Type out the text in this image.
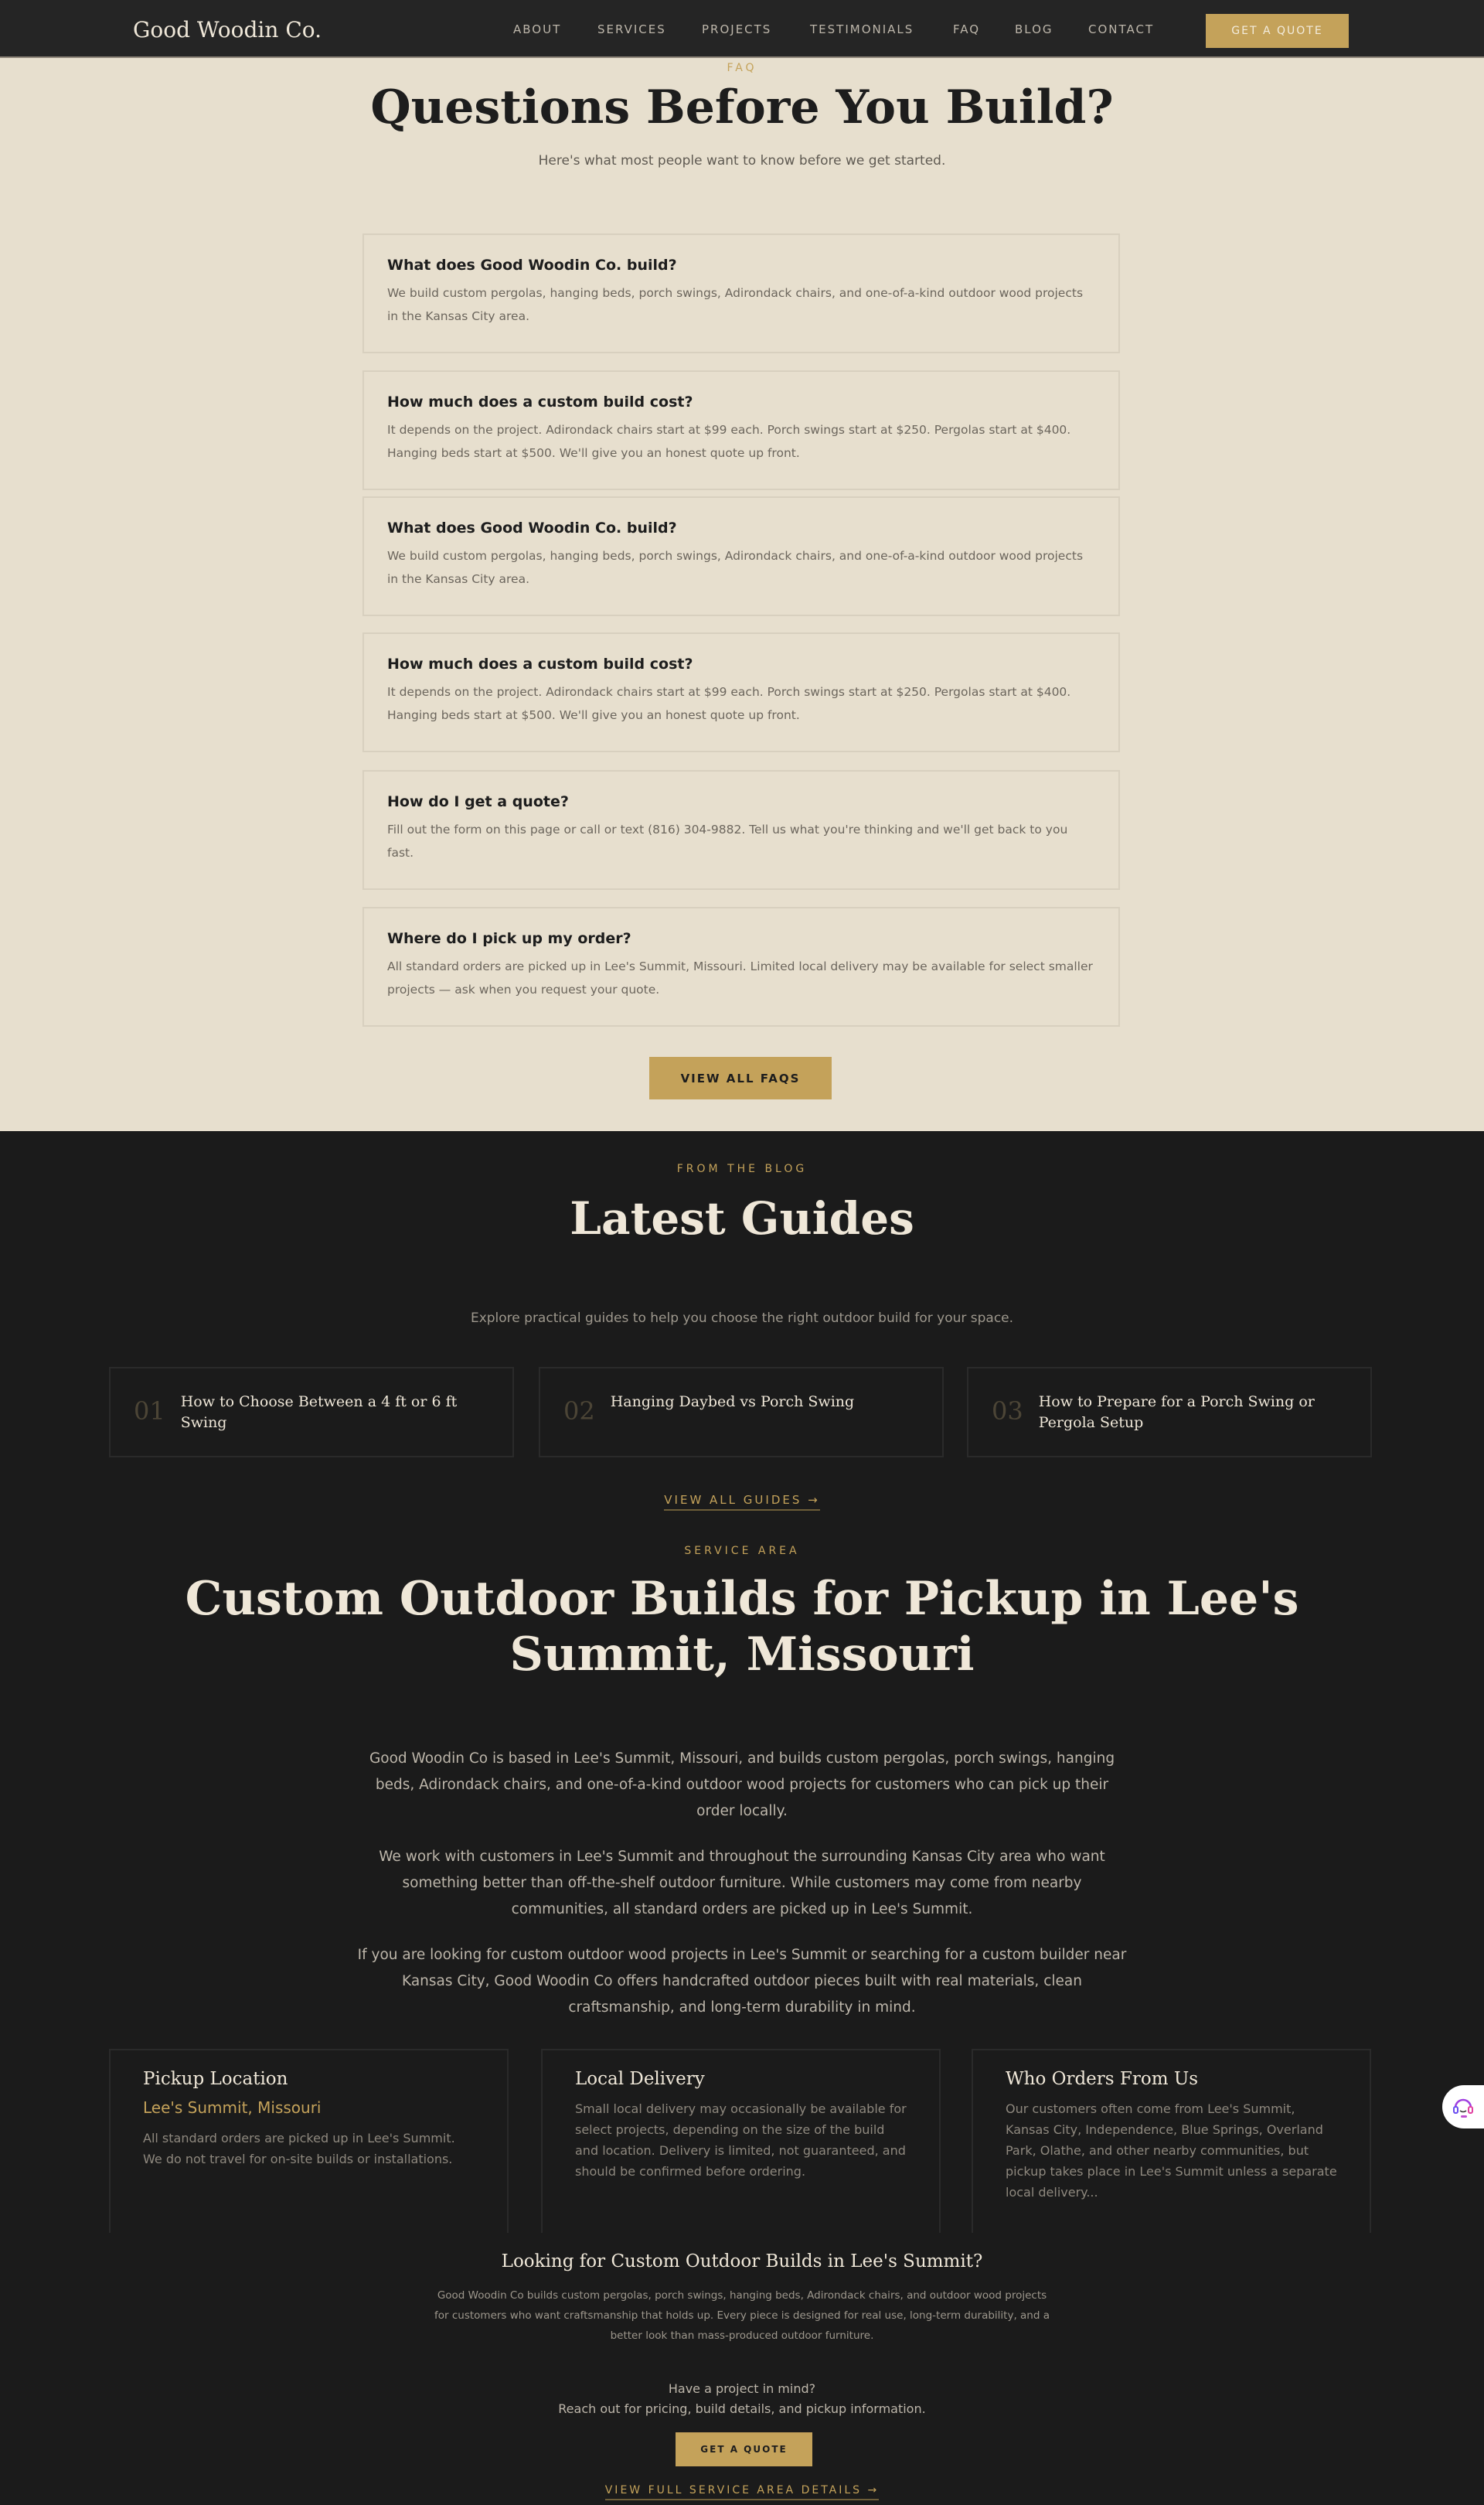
FAQ
Questions Before You Build?
Here's what most people want to know before we get started.
What does Good Woodin Co. build?

We build custom pergolas, hanging beds, porch swings, Adirondack chairs, and one-of-a-kind outdoor wood projects in the Kansas City area.

How much does a custom build cost?

It depends on the project. Adirondack chairs start at $99 each. Porch swings start at $250. Pergolas start at $400. Hanging beds start at $500. We'll give you an honest quote up front.

What does Good Woodin Co. build?

We build custom pergolas, hanging beds, porch swings, Adirondack chairs, and one-of-a-kind outdoor wood projects in the Kansas City area.

How much does a custom build cost?

It depends on the project. Adirondack chairs start at $99 each. Porch swings start at $250. Pergolas start at $400. Hanging beds start at $500. We'll give you an honest quote up front.

How do I get a quote?

Fill out the form on this page or call or text (816) 304-9882. Tell us what you're thinking and we'll get back to you fast.

Where do I pick up my order?

All standard orders are picked up in Lee's Summit, Missouri. Limited local delivery may be available for select smaller projects — ask when you request your quote.

VIEW ALL FAQS
Good Woodin Co.	ABOUT	SERVICES	PROJECTS	TESTIMONIALS	FAQ	BLOG	CONTACT	GET A QUOTE
FROM THE BLOG
Latest Guides
Explore practical guides to help you choose the right outdoor build for your space.
01 How to Choose Between a 4 ft or 6 ft Swing	02 Hanging Daybed vs Porch Swing	03 How to Prepare for a Porch Swing or Pergola Setup
VIEW ALL GUIDES →
SERVICE AREA
Custom Outdoor Builds for Pickup in Lee's Summit, Missouri

Good Woodin Co is based in Lee's Summit, Missouri, and builds custom pergolas, porch swings, hanging beds, Adirondack chairs, and one-of-a-kind outdoor wood projects for customers who can pick up their order locally.

We work with customers in Lee's Summit and throughout the surrounding Kansas City area who want something better than off-the-shelf outdoor furniture. While customers may come from nearby communities, all standard orders are picked up in Lee's Summit.

If you are looking for custom outdoor wood projects in Lee's Summit or searching for a custom builder near Kansas City, Good Woodin Co offers handcrafted outdoor pieces built with real materials, clean craftsmanship, and long-term durability in mind.

Pickup Location
Lee's Summit, Missouri

All standard orders are picked up in Lee's Summit. We do not travel for on-site builds or installations.

Local Delivery

Small local delivery may occasionally be available for select projects, depending on the size of the build and location. Delivery is limited, not guaranteed, and should be confirmed before ordering.

Who Orders From Us

Our customers often come from Lee's Summit, Kansas City, Independence, Blue Springs, Overland Park, Olathe, and other nearby communities, but pickup takes place in Lee's Summit unless a separate local delivery...

Looking for Custom Outdoor Builds in Lee's Summit?

Good Woodin Co builds custom pergolas, porch swings, hanging beds, Adirondack chairs, and outdoor wood projects for customers who want craftsmanship that holds up. Every piece is designed for real use, long-term durability, and a better look than mass-produced outdoor furniture.

Have a project in mind?
Reach out for pricing, build details, and pickup information.
GET A QUOTE
VIEW FULL SERVICE AREA DETAILS →
